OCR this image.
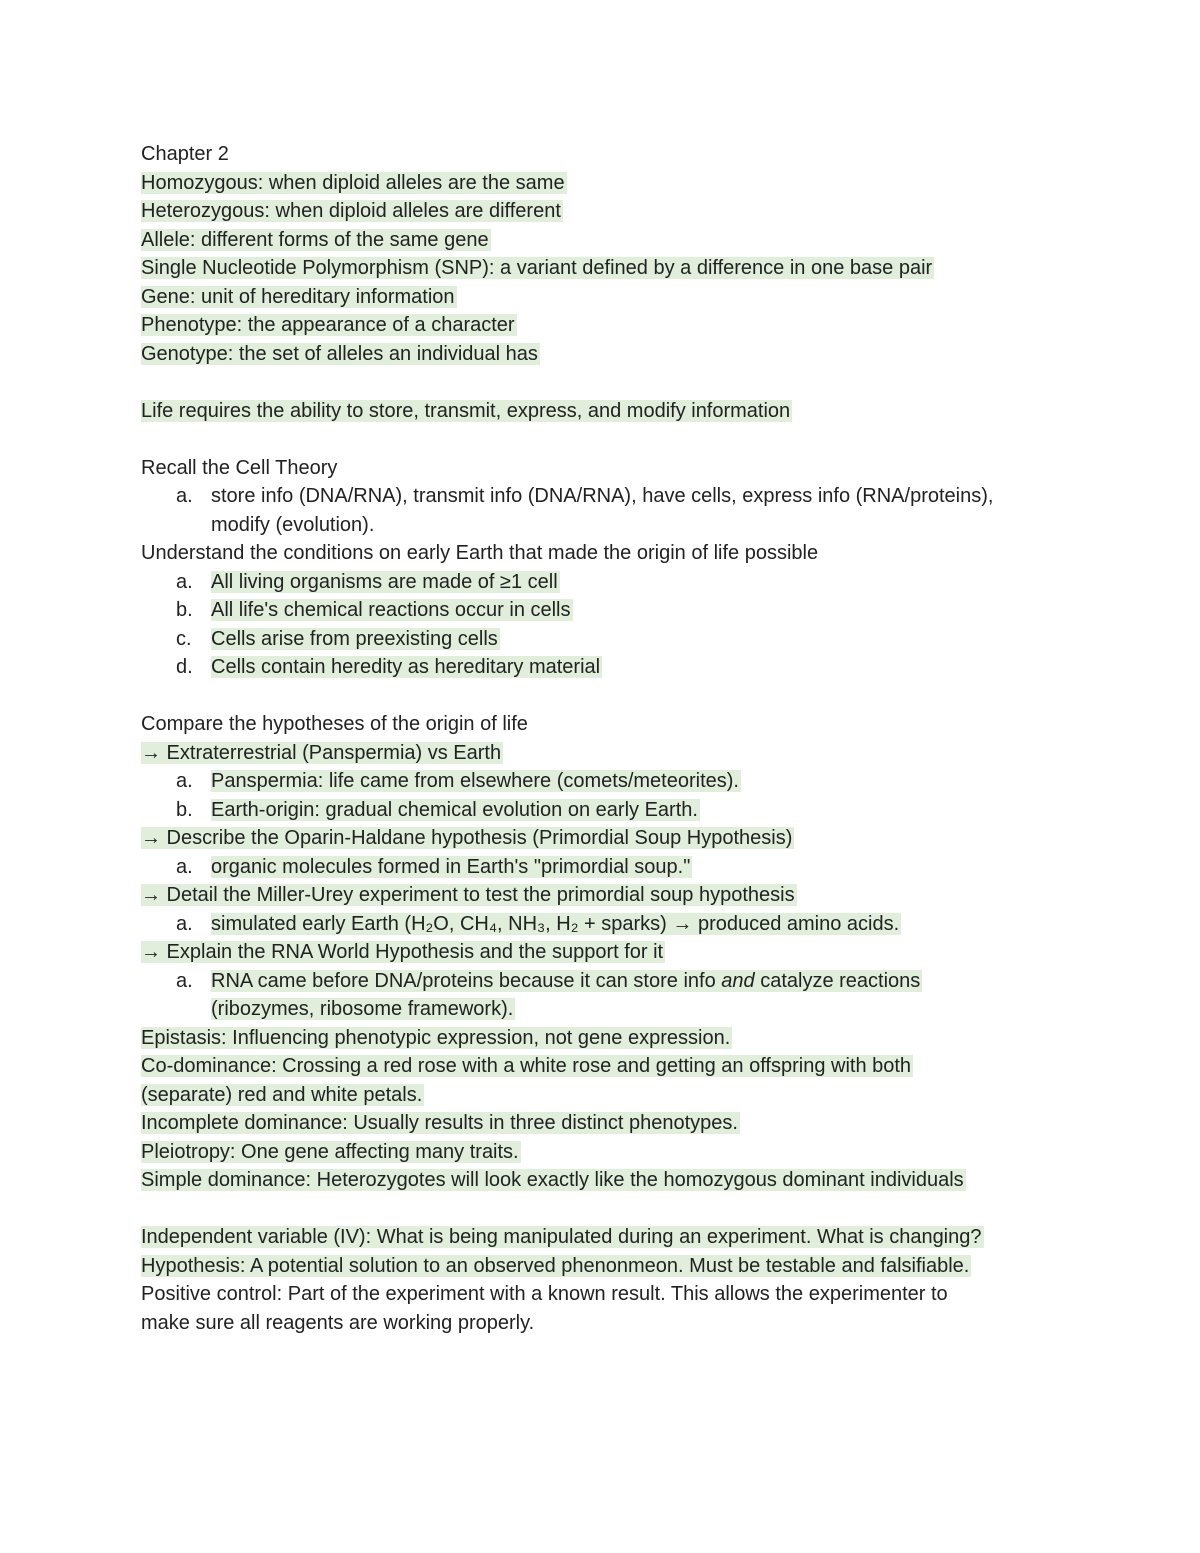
Chapter 2
Homozygous: when diploid alleles are the same
Heterozygous: when diploid alleles are different
Allele: different forms of the same gene
Single Nucleotide Polymorphism (SNP): a variant defined by a difference in one base pair
Gene: unit of hereditary information
Phenotype: the appearance of a character
Genotype: the set of alleles an individual has
Life requires the ability to store, transmit, express, and modify information
Recall the Cell Theory
a. store info (DNA/RNA), transmit info (DNA/RNA), have cells, express info (RNA/proteins),
modify (evolution).
Understand the conditions on early Earth that made the origin of life possible
a. All living organisms are made of ≥1 cell
b. All life's chemical reactions occur in cells
c. Cells arise from preexisting cells
d. Cells contain heredity as hereditary material
Compare the hypotheses of the origin of life
→ Extraterrestrial (Panspermia) vs Earth
a. Panspermia: life came from elsewhere (comets/meteorites).
b. Earth-origin: gradual chemical evolution on early Earth.
→ Describe the Oparin-Haldane hypothesis (Primordial Soup Hypothesis)
a. organic molecules formed in Earth's "primordial soup."
→ Detail the Miller-Urey experiment to test the primordial soup hypothesis
a. simulated early Earth (H₂O, CH₄, NH₃, H₂ + sparks) → produced amino acids.
→ Explain the RNA World Hypothesis and the support for it
a. RNA came before DNA/proteins because it can store info and catalyze reactions
(ribozymes, ribosome framework).
Epistasis: Influencing phenotypic expression, not gene expression.
Co-dominance: Crossing a red rose with a white rose and getting an offspring with both
(separate) red and white petals.
Incomplete dominance: Usually results in three distinct phenotypes.
Pleiotropy: One gene affecting many traits.
Simple dominance: Heterozygotes will look exactly like the homozygous dominant individuals
Independent variable (IV): What is being manipulated during an experiment. What is changing?
Hypothesis: A potential solution to an observed phenonmeon. Must be testable and falsifiable.
Positive control: Part of the experiment with a known result. This allows the experimenter to
make sure all reagents are working properly.
